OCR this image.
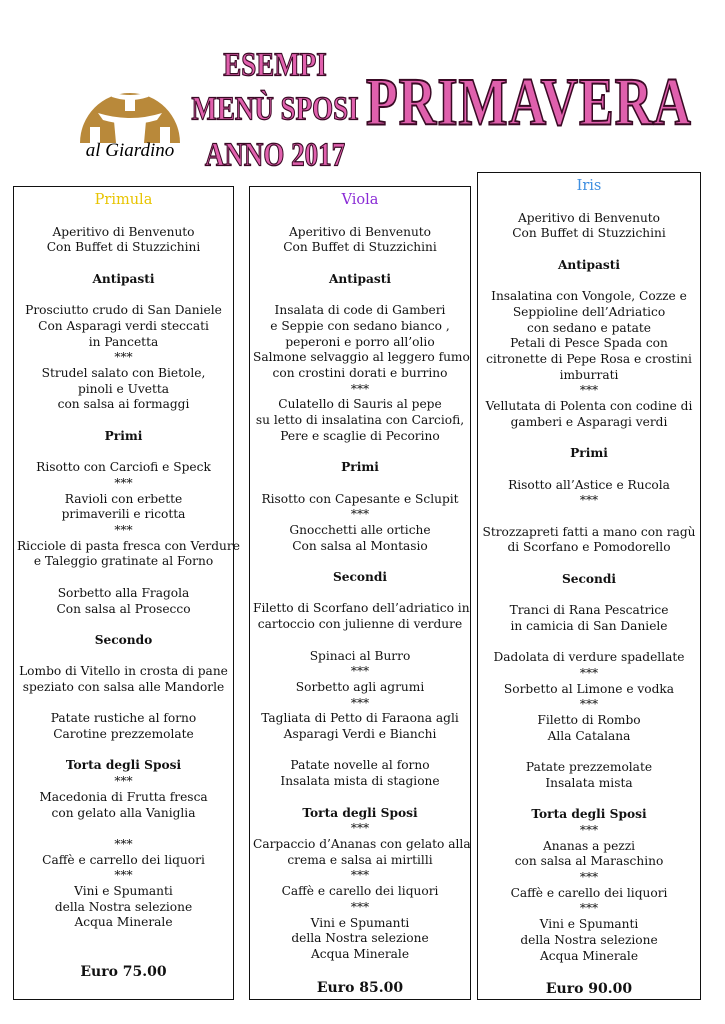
al Giardino
ESEMPI
MENÙ SPOSI
ANNO 2017
PRIMAVERA
Primula
Aperitivo di Benvenuto
Con Buffet di Stuzzichini
Antipasti
Prosciutto crudo di San Daniele
Con Asparagi verdi steccati
in Pancetta
***
Strudel salato con Bietole,
pinoli e Uvetta
con salsa ai formaggi
Primi
Risotto con Carciofi e Speck
***
Ravioli con erbette
primaverili e ricotta
***
Ricciole di pasta fresca con Verdure
e Taleggio gratinate al Forno
Sorbetto alla Fragola
Con salsa al Prosecco
Secondo
Lombo di Vitello in crosta di pane
speziato con salsa alle Mandorle
Patate rustiche al forno
Carotine prezzemolate
Torta degli Sposi
***
Macedonia di Frutta fresca
con gelato alla Vaniglia
***
Caffè e carrello dei liquori
***
Vini e Spumanti
della Nostra selezione
Acqua Minerale
Euro 75.00
Viola
Aperitivo di Benvenuto
Con Buffet di Stuzzichini
Antipasti
Insalata di code di Gamberi
e Seppie con sedano bianco ,
peperoni e porro all’olio
Salmone selvaggio al leggero fumo
con crostini dorati e burrino
***
Culatello di Sauris al pepe
su letto di insalatina con Carciofi,
Pere e scaglie di Pecorino
Primi
Risotto con Capesante e Sclupit
***
Gnocchetti alle ortiche
Con salsa al Montasio
Secondi
Filetto di Scorfano dell’adriatico in
cartoccio con julienne di verdure
Spinaci al Burro
***
Sorbetto agli agrumi
***
Tagliata di Petto di Faraona agli
Asparagi Verdi e Bianchi
Patate novelle al forno
Insalata mista di stagione
Torta degli Sposi
***
Carpaccio d’Ananas con gelato alla
crema e salsa ai mirtilli
***
Caffè e carello dei liquori
***
Vini e Spumanti
della Nostra selezione
Acqua Minerale
Euro 85.00
Iris
Aperitivo di Benvenuto
Con Buffet di Stuzzichini
Antipasti
Insalatina con Vongole, Cozze e
Seppioline dell’Adriatico
con sedano e patate
Petali di Pesce Spada con
citronette di Pepe Rosa e crostini
imburrati
***
Vellutata di Polenta con codine di
gamberi e Asparagi verdi
Primi
Risotto all’Astice e Rucola
***
Strozzapreti fatti a mano con ragù
di Scorfano e Pomodorello
Secondi
Tranci di Rana Pescatrice
in camicia di San Daniele
Dadolata di verdure spadellate
***
Sorbetto al Limone e vodka
***
Filetto di Rombo
Alla Catalana
Patate prezzemolate
Insalata mista
Torta degli Sposi
***
Ananas a pezzi
con salsa al Maraschino
***
Caffè e carello dei liquori
***
Vini e Spumanti
della Nostra selezione
Acqua Minerale
Euro 90.00
